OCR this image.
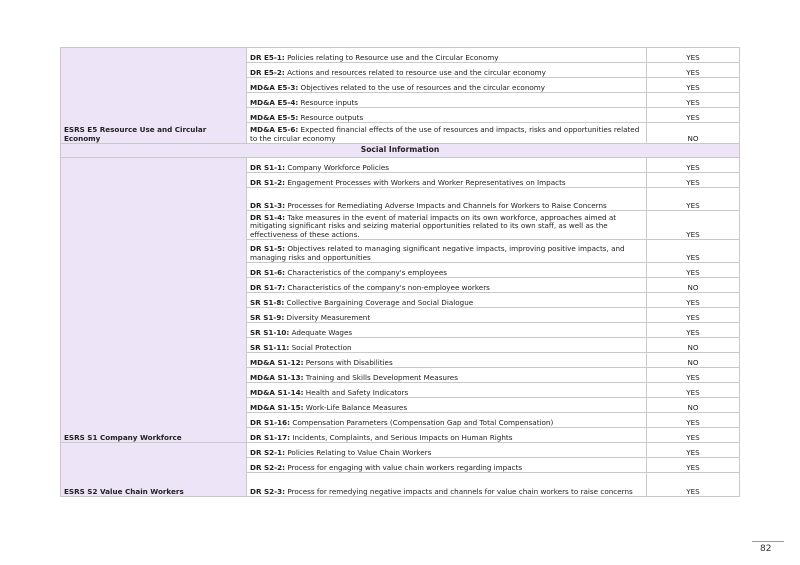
ESRS E5 Resource Use and Circular Economy	DR E5-1: Policies relating to Resource use and the Circular Economy	YES
	DR E5-2: Actions and resources related to resource use and the circular economy	YES
	MD&A E5-3: Objectives related to the use of resources and the circular economy	YES
	MD&A E5-4: Resource inputs	YES
	MD&A E5-5: Resource outputs	YES
	MD&A E5-6: Expected financial effects of the use of resources and impacts, risks and opportunities related to the circular economy	NO
Social Information		
ESRS S1 Company Workforce	DR S1-1: Company Workforce Policies	YES
	DR S1-2: Engagement Processes with Workers and Worker Representatives on Impacts	YES
	DR S1-3: Processes for Remediating Adverse Impacts and Channels for Workers to Raise Concerns	YES
	DR S1-4: Take measures in the event of material impacts on its own workforce, approaches aimed at mitigating significant risks and seizing material opportunities related to its own staff, as well as the effectiveness of these actions.	YES
	DR S1-5: Objectives related to managing significant negative impacts, improving positive impacts, and managing risks and opportunities	YES
	DR S1-6: Characteristics of the company's employees	YES
	DR S1-7: Characteristics of the company's non-employee workers	NO
	SR S1-8: Collective Bargaining Coverage and Social Dialogue	YES
	SR S1-9: Diversity Measurement	YES
	SR S1-10: Adequate Wages	YES
	SR S1-11: Social Protection	NO
	MD&A S1-12: Persons with Disabilities	NO
	MD&A S1-13: Training and Skills Development Measures	YES
	MD&A S1-14: Health and Safety Indicators	YES
	MD&A S1-15: Work-Life Balance Measures	NO
	DR S1-16: Compensation Parameters (Compensation Gap and Total Compensation)	YES
	DR S1-17: Incidents, Complaints, and Serious Impacts on Human Rights	YES
ESRS S2 Value Chain Workers	DR S2-1: Policies Relating to Value Chain Workers	YES
	DR S2-2: Process for engaging with value chain workers regarding impacts	YES
	DR S2-3: Process for remedying negative impacts and channels for value chain workers to raise concerns	YES
82
